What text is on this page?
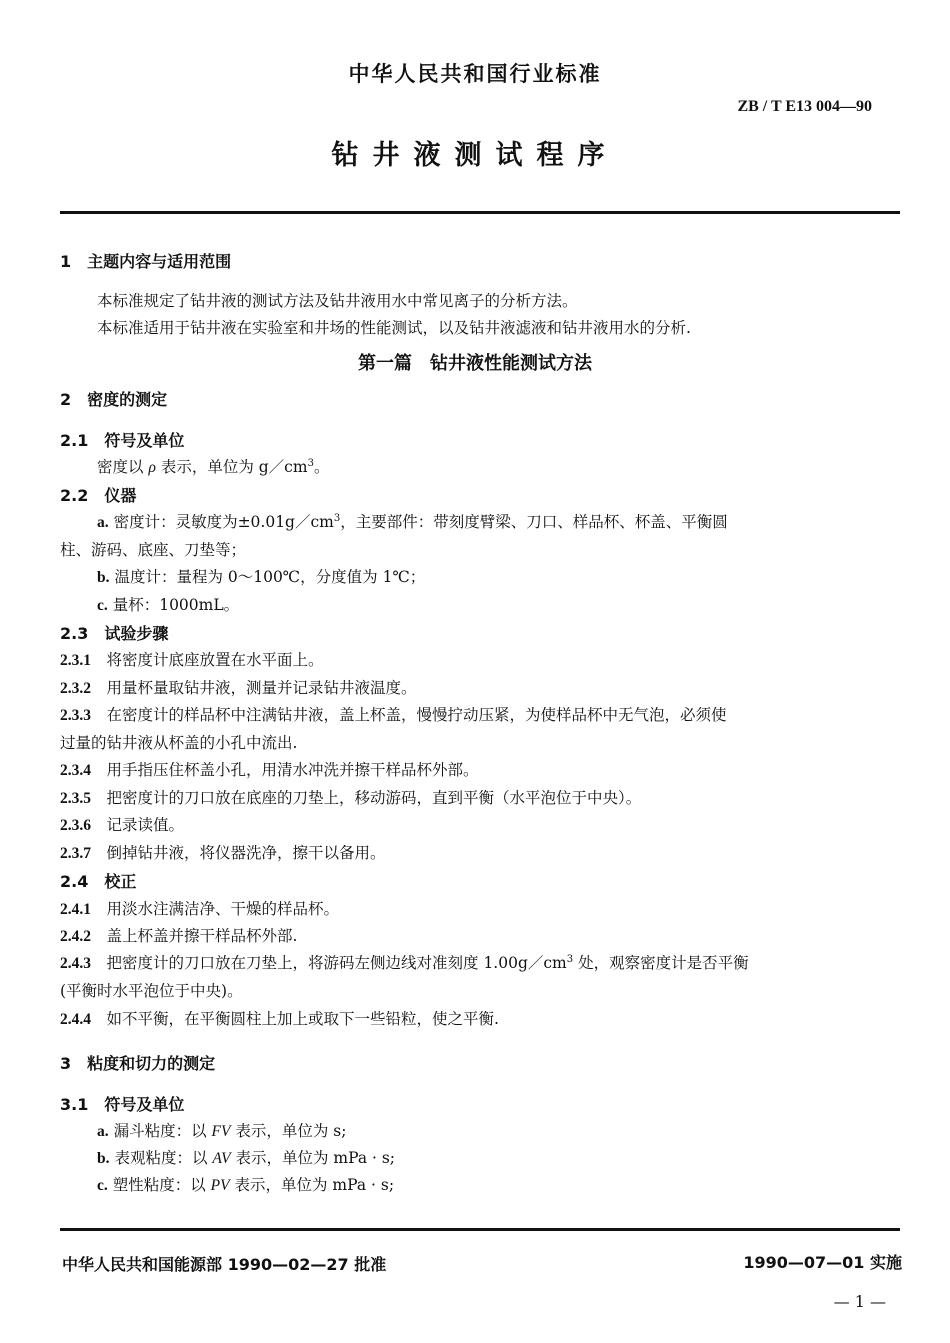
中华人民共和国行业标准
ZB / T E13 004—90
钻井液测试程序
1　主题内容与适用范围
本标准规定了钻井液的测试方法及钻井液用水中常见离子的分析方法。
本标准适用于钻井液在实验室和井场的性能测试，以及钻井液滤液和钻井液用水的分析.
第一篇　钻井液性能测试方法
2　密度的测定
2.1　符号及单位
密度以 ρ 表示，单位为 $g/cm^3$。
2.2　仪器
a. 密度计：灵敏度为$\pm 0.01g/cm^3$，主要部件：带刻度臂梁、刀口、样品杯、杯盖、平衡圆
柱、游码、底座、刀垫等；
b. 温度计：量程为 0～100℃，分度值为 1℃；
c. 量杯：1000mL。
2.3　试验步骤
2.3.1　 将密度计底座放置在水平面上。
2.3.2　 用量杯量取钻井液，测量并记录钻井液温度。
2.3.3　 在密度计的样品杯中注满钻井液，盖上杯盖，慢慢拧动压紧，为使样品杯中无气泡，必须使
过量的钻井液从杯盖的小孔中流出.
2.3.4　 用手指压住杯盖小孔，用清水冲洗并擦干样品杯外部。
2.3.5　 把密度计的刀口放在底座的刀垫上，移动游码，直到平衡（水平泡位于中央）。
2.3.6　 记录读值。
2.3.7　 倒掉钻井液，将仪器洗净，擦干以备用。
2.4　校正
2.4.1　 用淡水注满洁净、干燥的样品杯。
2.4.2　 盖上杯盖并擦干样品杯外部.
2.4.3　 把密度计的刀口放在刀垫上，将游码左侧边线对准刻度 $1.00g/cm^3$ 处，观察密度计是否平衡
(平衡时水平泡位于中央)。
2.4.4　 如不平衡，在平衡圆柱上加上或取下一些铅粒，使之平衡.
3　粘度和切力的测定
3.1　符号及单位
a. 漏斗粘度：以 FV 表示，单位为 s;
b. 表观粘度：以 AV 表示，单位为 mPa · s;
c. 塑性粘度：以 PV 表示，单位为 mPa · s;
中华人民共和国能源部 1990—02—27 批准	1990—07—01 实施
— 1 —
